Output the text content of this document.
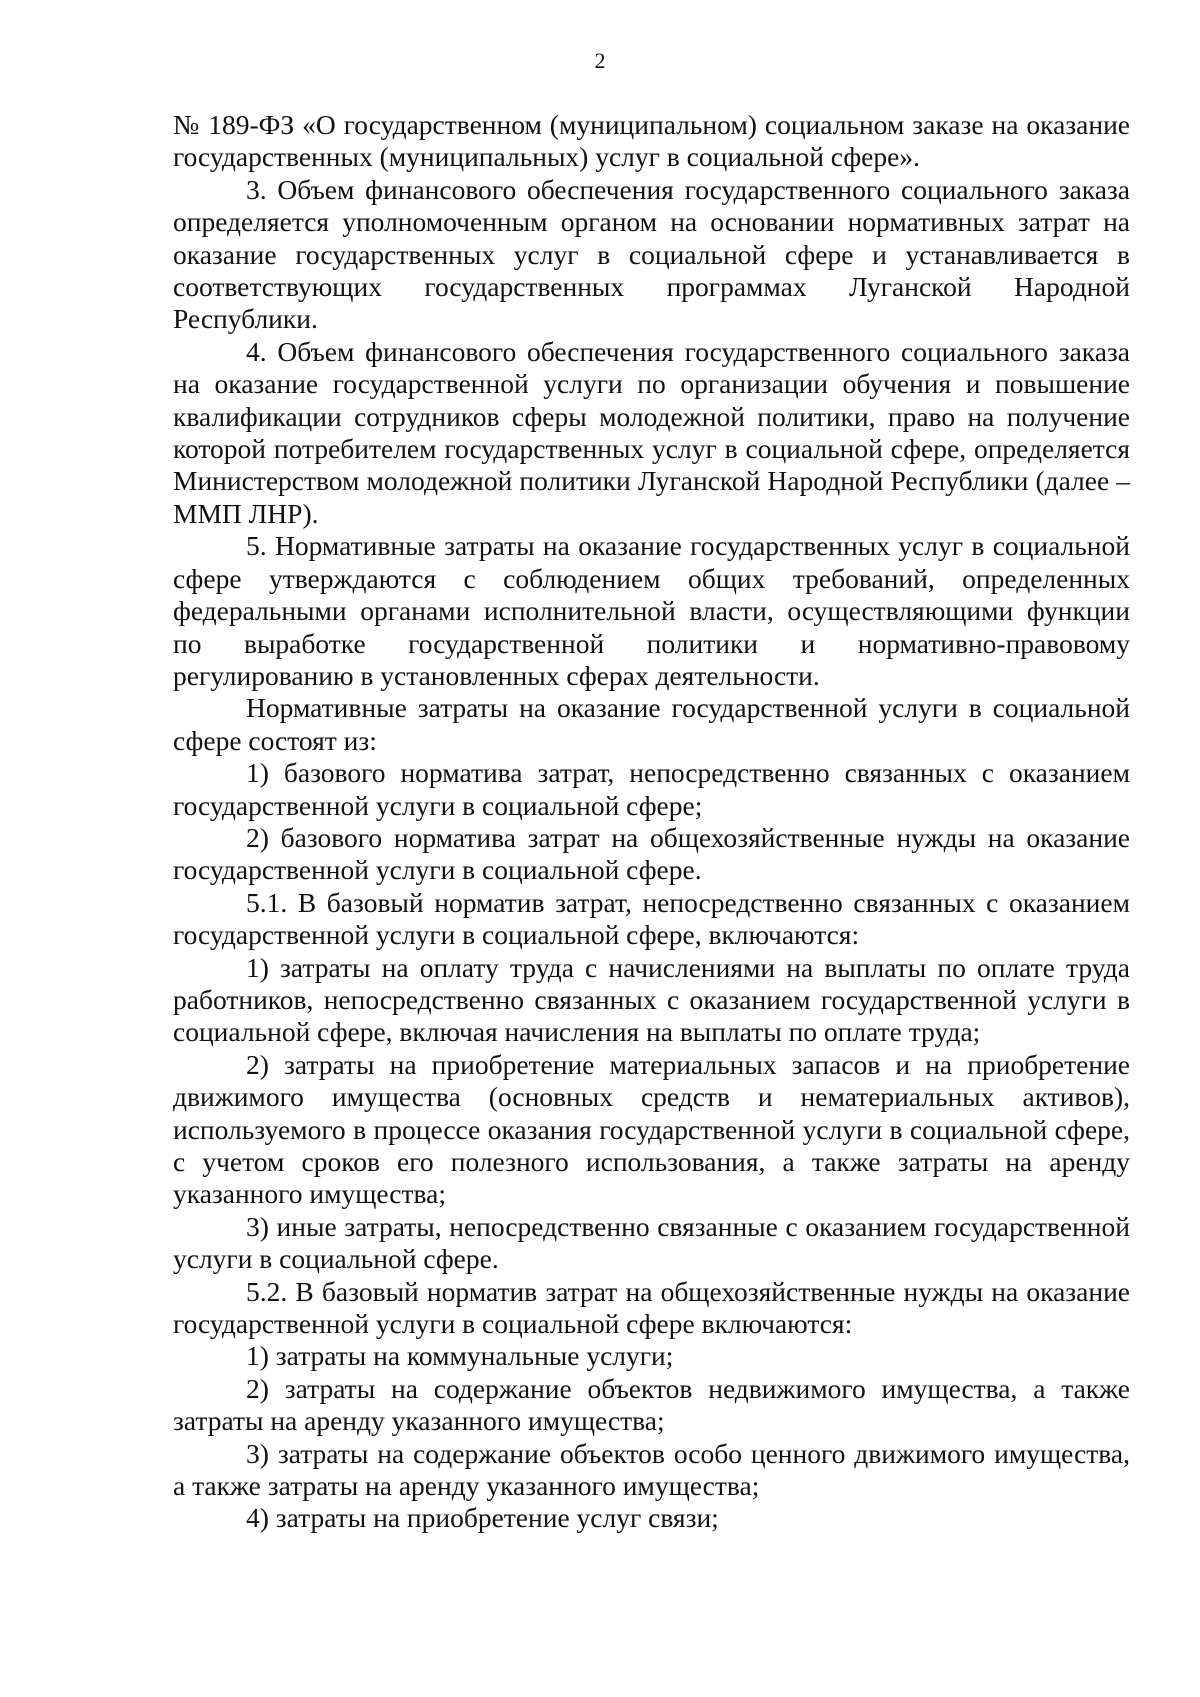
2

№ 189-ФЗ «О государственном (муниципальном) социальном заказе на оказание государственных (муниципальных) услуг в социальной сфере».

3. Объем финансового обеспечения государственного социального заказа определяется уполномоченным органом на основании нормативных затрат на оказание государственных услуг в социальной сфере и устанавливается в соответствующих государственных программах Луганской Народной Республики.

4. Объем финансового обеспечения государственного социального заказа на оказание государственной услуги по организации обучения и повышение квалификации сотрудников сферы молодежной политики, право на получение которой потребителем государственных услуг в социальной сфере, определяется Министерством молодежной политики Луганской Народной Республики (далее – ММП ЛНР).

5. Нормативные затраты на оказание государственных услуг в социальной сфере утверждаются с соблюдением общих требований, определенных федеральными органами исполнительной власти, осуществляющими функции по выработке государственной политики и нормативно-правовому регулированию в установленных сферах деятельности.

Нормативные затраты на оказание государственной услуги в социальной сфере состоят из:

1) базового норматива затрат, непосредственно связанных с оказанием государственной услуги в социальной сфере;

2) базового норматива затрат на общехозяйственные нужды на оказание государственной услуги в социальной сфере.

5.1. В базовый норматив затрат, непосредственно связанных с оказанием государственной услуги в социальной сфере, включаются:

1) затраты на оплату труда с начислениями на выплаты по оплате труда работников, непосредственно связанных с оказанием государственной услуги в социальной сфере, включая начисления на выплаты по оплате труда;

2) затраты на приобретение материальных запасов и на приобретение движимого имущества (основных средств и нематериальных активов), используемого в процессе оказания государственной услуги в социальной сфере, с учетом сроков его полезного использования, а также затраты на аренду указанного имущества;

3) иные затраты, непосредственно связанные с оказанием государственной услуги в социальной сфере.

5.2. В базовый норматив затрат на общехозяйственные нужды на оказание государственной услуги в социальной сфере включаются:

1) затраты на коммунальные услуги;

2) затраты на содержание объектов недвижимого имущества, а также затраты на аренду указанного имущества;

3) затраты на содержание объектов особо ценного движимого имущества, а также затраты на аренду указанного имущества;

4) затраты на приобретение услуг связи;
